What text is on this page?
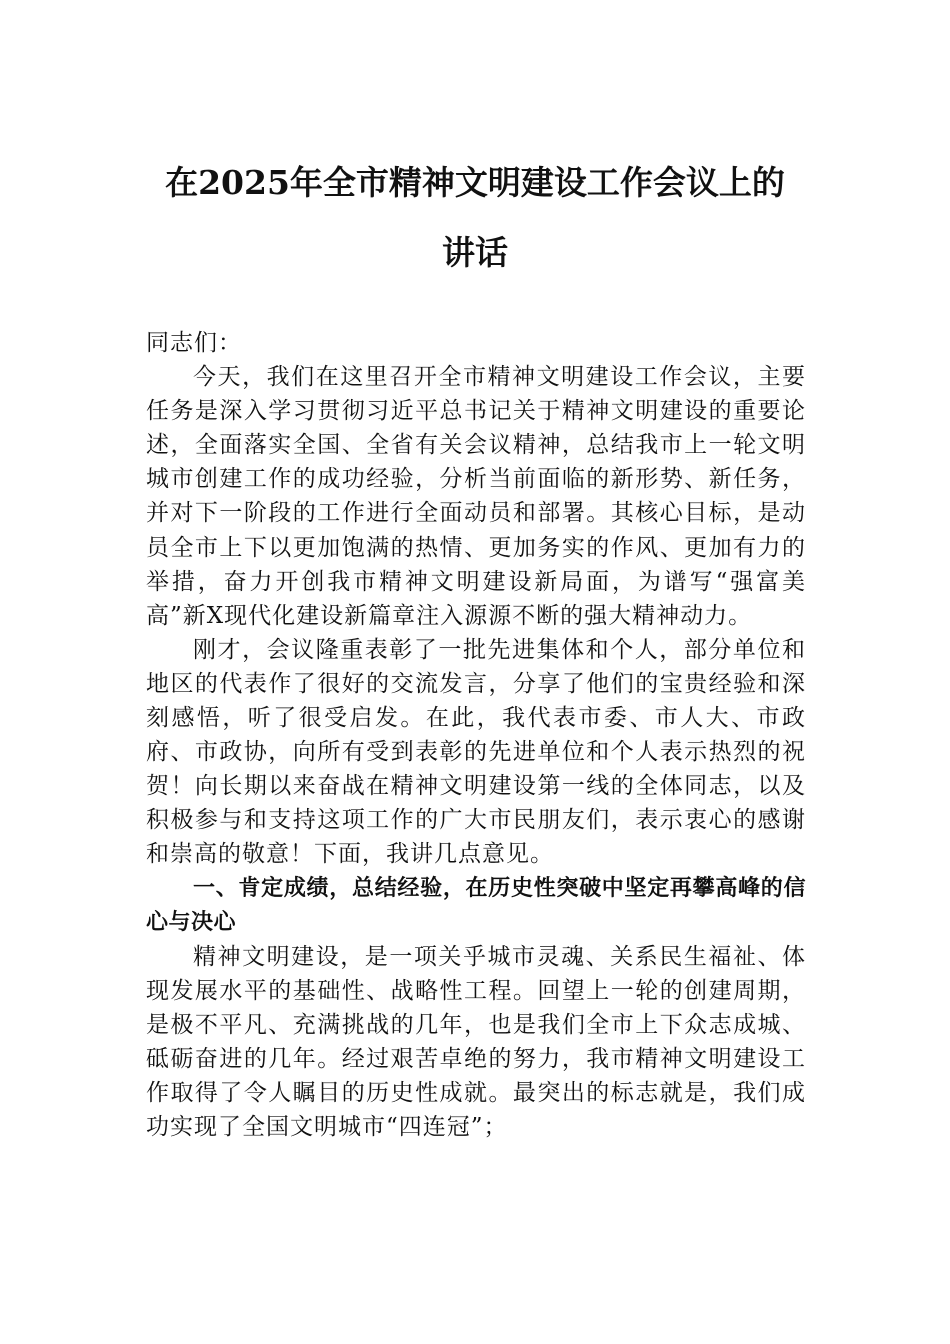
在2025年全市精神文明建设工作会议上的
讲话

同志们：

今天，我们在这里召开全市精神文明建设工作会议，主要任务是深入学习贯彻习近平总书记关于精神文明建设的重要论述，全面落实全国、全省有关会议精神，总结我市上一轮文明城市创建工作的成功经验，分析当前面临的新形势、新任务，并对下一阶段的工作进行全面动员和部署。其核心目标，是动员全市上下以更加饱满的热情、更加务实的作风、更加有力的举措，奋力开创我市精神文明建设新局面，为谱写“强富美高”新X现代化建设新篇章注入源源不断的强大精神动力。

刚才，会议隆重表彰了一批先进集体和个人，部分单位和地区的代表作了很好的交流发言，分享了他们的宝贵经验和深刻感悟，听了很受启发。在此，我代表市委、市人大、市政府、市政协，向所有受到表彰的先进单位和个人表示热烈的祝贺！向长期以来奋战在精神文明建设第一线的全体同志，以及积极参与和支持这项工作的广大市民朋友们，表示衷心的感谢和崇高的敬意！下面，我讲几点意见。

一、肯定成绩，总结经验，在历史性突破中坚定再攀高峰的信心与决心

精神文明建设，是一项关乎城市灵魂、关系民生福祉、体现发展水平的基础性、战略性工程。回望上一轮的创建周期，是极不平凡、充满挑战的几年，也是我们全市上下众志成城、砥砺奋进的几年。经过艰苦卓绝的努力，我市精神文明建设工作取得了令人瞩目的历史性成就。最突出的标志就是，我们成功实现了全国文明城市“四连冠”；
